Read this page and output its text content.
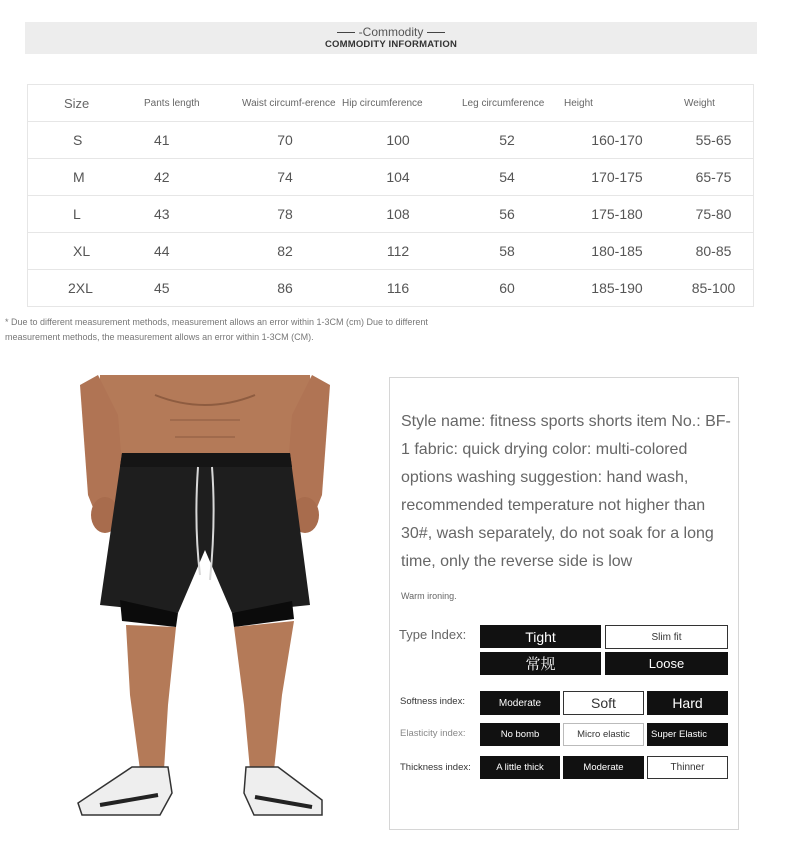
-Commodity
COMMODITY INFORMATION
Size	Pants length	Waist circumf-erence	Hip circumference	Leg circumference	Height	Weight
S	41	70	100	52	160-170	55-65
M	42	74	104	54	170-175	65-75
L	43	78	108	56	175-180	75-80
XL	44	82	112	58	180-185	80-85
2XL	45	86	116	60	185-190	85-100
* Due to different measurement methods, measurement allows an error within 1-3CM (cm) Due to different measurement methods, the measurement allows an error within 1-3CM (CM).
Style name: fitness sports shorts item No.: BF-1 fabric: quick drying color: multi-colored options washing suggestion: hand wash, recommended temperature not higher than 30#, wash separately, do not soak for a long time, only the reverse side is low
Warm ironing.
Type Index:	Tight	Slim fit
常规	Loose
Softness index:	Moderate	Soft	Hard
Elasticity index:	No bomb	Micro elastic	Super Elastic
Thickness index:	A little thick	Moderate	Thinner
